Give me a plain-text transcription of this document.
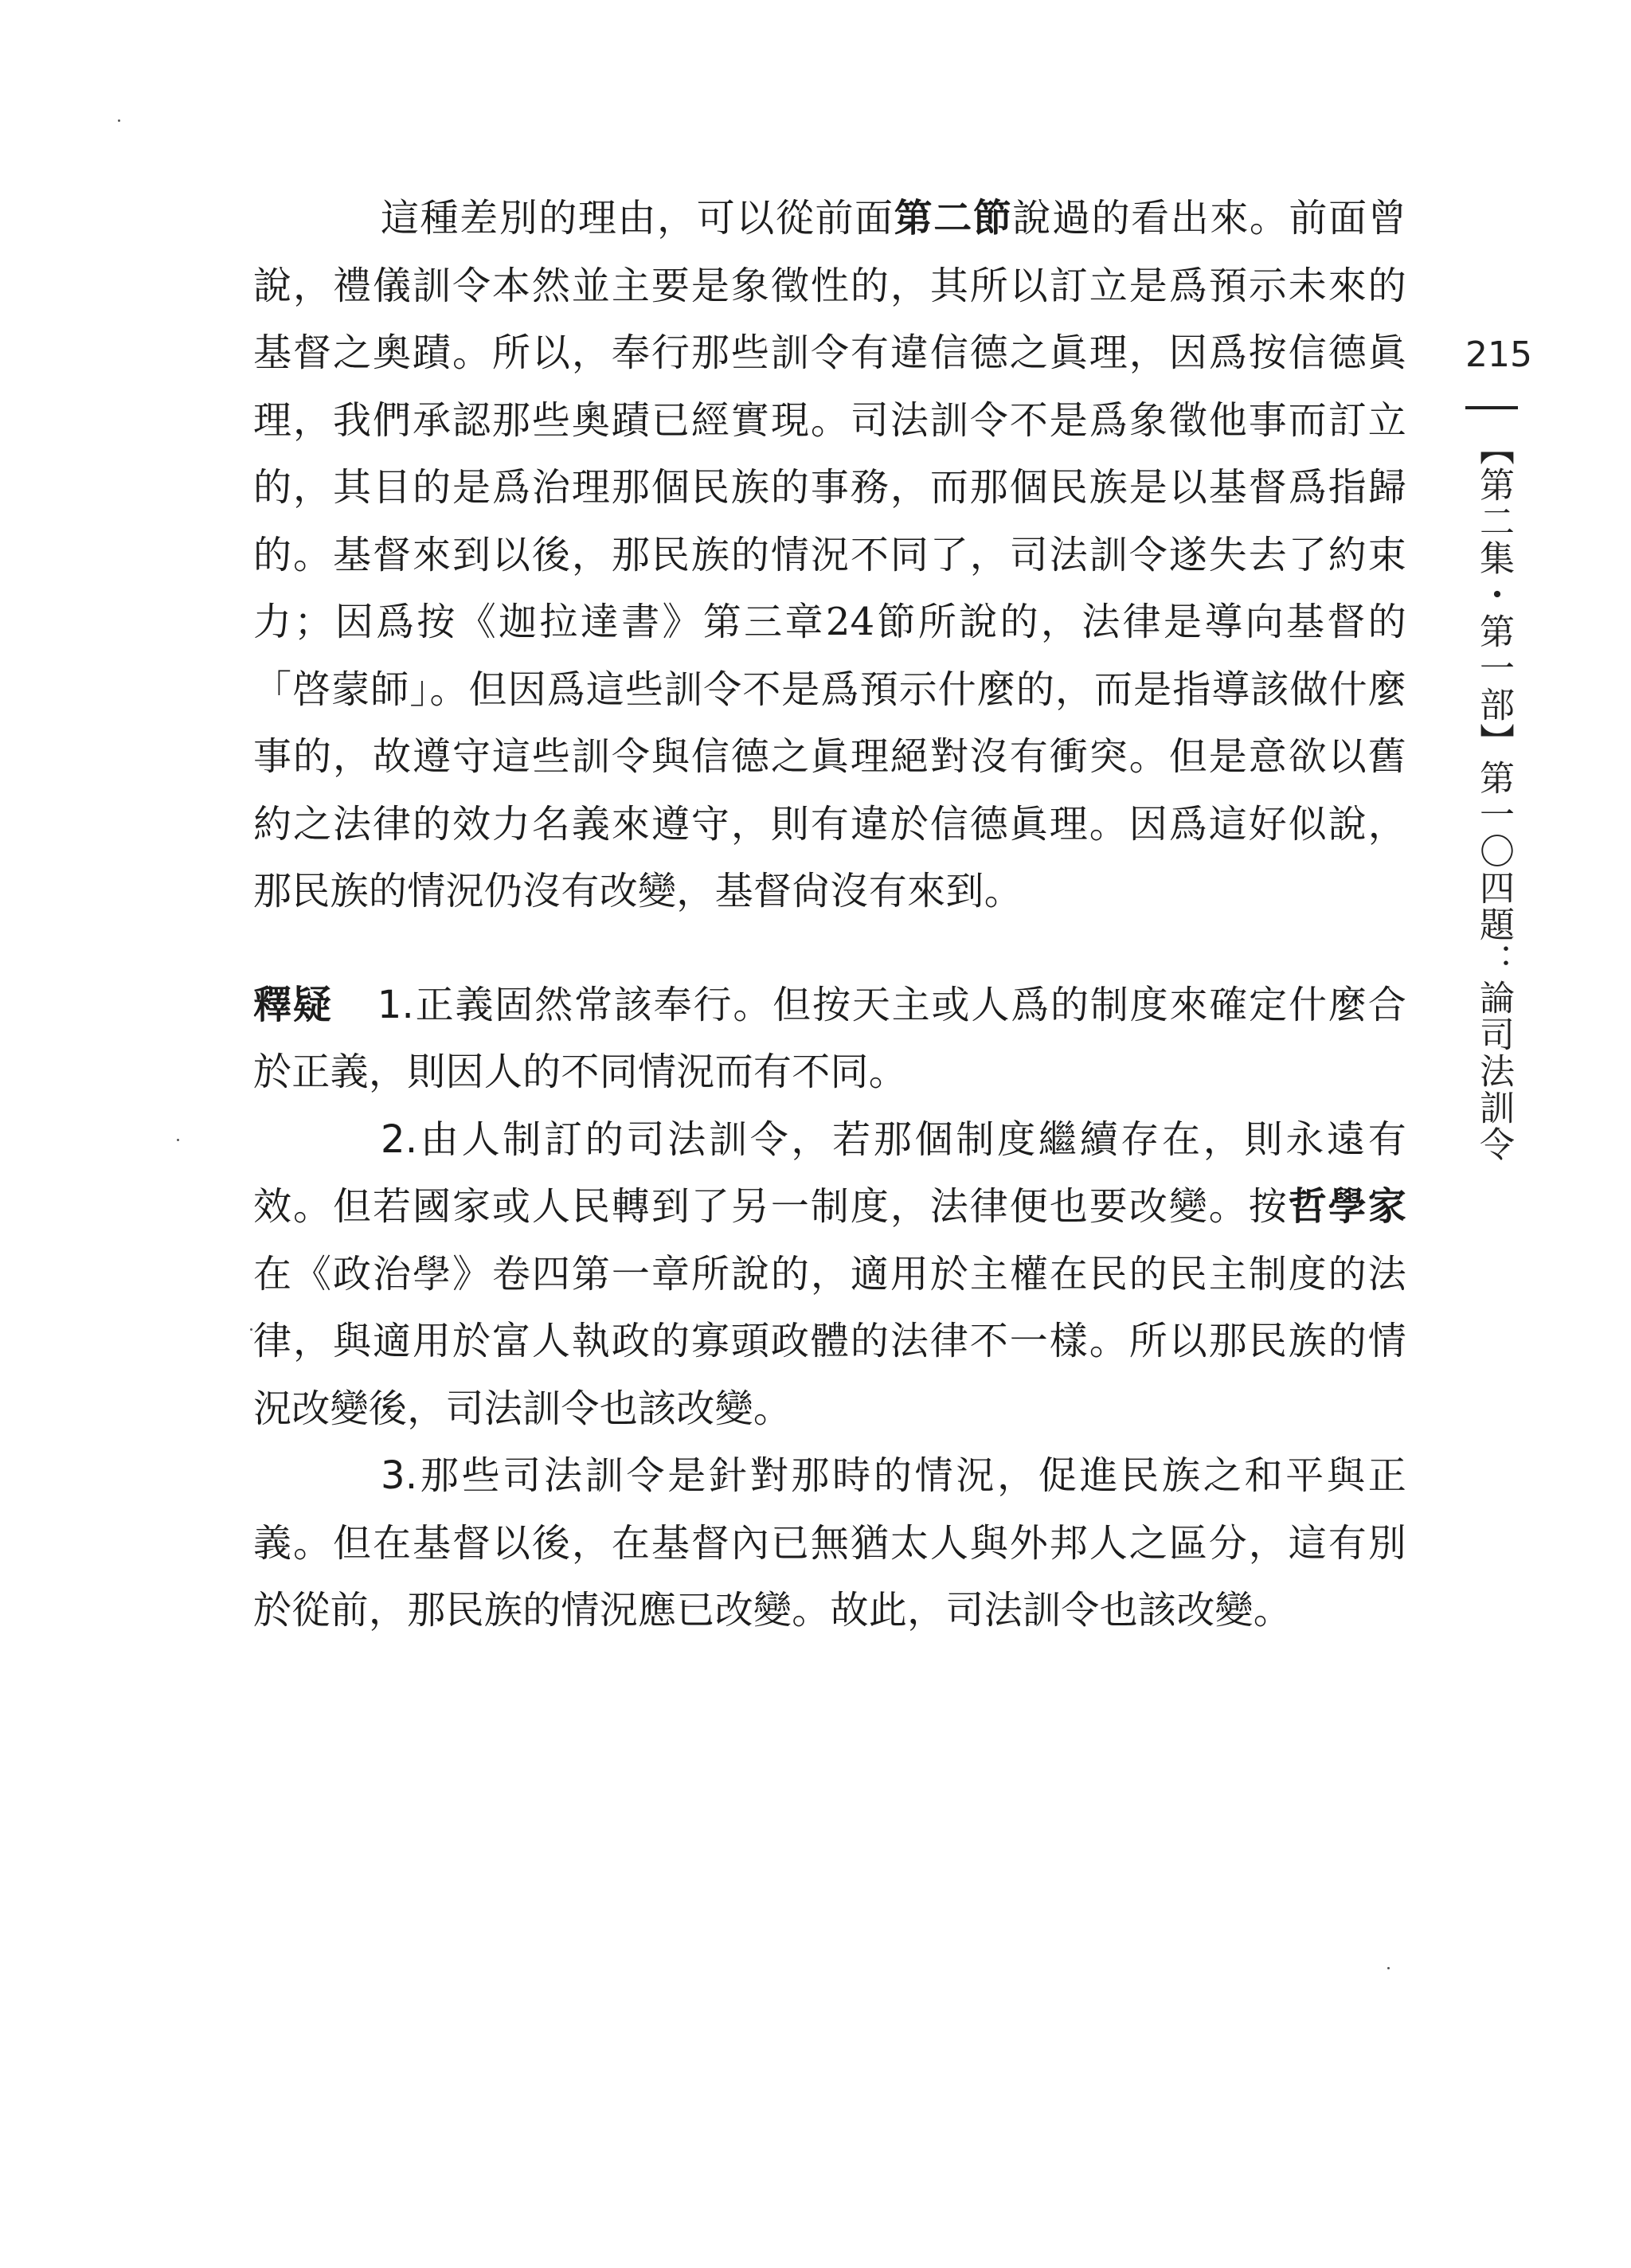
這種差別的理由，可以從前面第二節說過的看出來。前面曾說，禮儀訓令本然並主要是象徵性的，其所以訂立是爲預示未來的基督之奧蹟。所以，奉行那些訓令有違信德之眞理，因爲按信德眞理，我們承認那些奧蹟已經實現。司法訓令不是爲象徵他事而訂立的，其目的是爲治理那個民族的事務，而那個民族是以基督爲指歸的。基督來到以後，那民族的情況不同了，司法訓令遂失去了約束力；因爲按《迦拉達書》第三章24節所說的，法律是導向基督的「啓蒙師」。但因爲這些訓令不是爲預示什麼的，而是指導該做什麼事的，故遵守這些訓令與信德之眞理絕對沒有衝突。但是意欲以舊約之法律的效力名義來遵守，則有違於信德眞理。因爲這好似說，那民族的情況仍沒有改變，基督尙沒有來到。

釋疑 1.正義固然常該奉行。但按天主或人爲的制度來確定什麼合於正義，則因人的不同情況而有不同。

2.由人制訂的司法訓令，若那個制度繼續存在，則永遠有效。但若國家或人民轉到了另一制度，法律便也要改變。按哲學家在《政治學》卷四第一章所說的，適用於主權在民的民主制度的法律，與適用於富人執政的寡頭政體的法律不一樣。所以那民族的情況改變後，司法訓令也該改變。

3.那些司法訓令是針對那時的情況，促進民族之和平與正義。但在基督以後，在基督內已無猶太人與外邦人之區分，這有別於從前，那民族的情況應已改變。故此，司法訓令也該改變。

215
【第二集・第一部】第一〇四題：論司法訓令
